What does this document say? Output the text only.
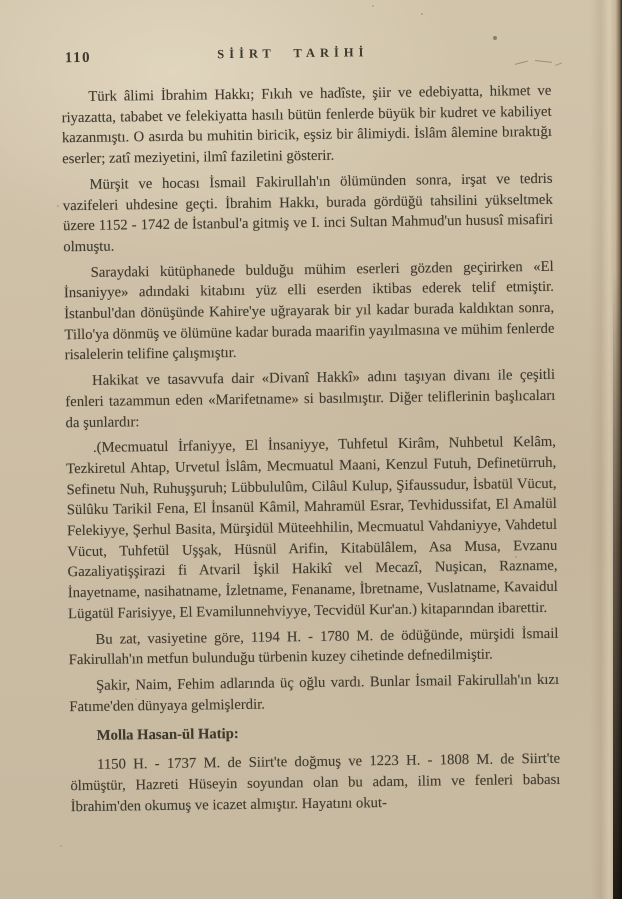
110	SİİRT TARİHİ

Türk âlimi İbrahim Hakkı; Fıkıh ve hadîste, şiir ve edebiyatta, hikmet ve riyazatta, tababet ve felekiyatta hasılı bütün fenlerde büyük bir kudret ve kabiliyet kazanmıştı. O asırda bu muhitin biricik, eşsiz bir âlimiydi. İslâm âlemine bıraktığı eserler; zatî meziyetini, ilmî faziletini gösterir.

Mürşit ve hocası İsmail Fakirullah'ın ölümünden sonra, irşat ve tedris vazifeleri uhdesine geçti. İbrahim Hakkı, burada gördüğü tahsilini yükseltmek üzere 1152 - 1742 de İstanbul'a gitmiş ve I. inci Sultan Mahmud'un hususî misafiri olmuştu.

Saraydaki kütüphanede bulduğu mühim eserleri gözden geçirirken «El İnsaniyye» adındaki kitabını yüz elli eserden iktibas ederek telif etmiştir. İstanbul'dan dönüşünde Kahire'ye uğrayarak bir yıl kadar burada kaldıktan sonra, Tillo'ya dönmüş ve ölümüne kadar burada maarifin yayılmasına ve mühim fenlerde risalelerin telifine çalışmıştır.

Hakikat ve tasavvufa dair «Divanî Hakkî» adını taşıyan divanı ile çeşitli fenleri tazammun eden «Marifetname» si basılmıştır. Diğer teliflerinin başlıcaları da şunlardır:

.(Mecmuatul İrfaniyye, El İnsaniyye, Tuhfetul Kirâm, Nuhbetul Kelâm, Tezkiretul Ahtap, Urvetul İslâm, Mecmuatul Maani, Kenzul Futuh, Definetürruh, Sefinetu Nuh, Ruhuşşuruh; Lübbululûm, Cilâul Kulup, Şifaussudur, İsbatül Vücut, Sülûku Tarikil Fena, El İnsanül Kâmil, Mahramül Esrar, Tevhidussifat, El Amalül Felekiyye, Şerhul Basita, Mürşidül Müteehhilin, Mecmuatul Vahdaniyye, Vahdetul Vücut, Tuhfetül Uşşak, Hüsnül Arifin, Kitabülâlem, Asa Musa, Evzanu Gazaliyatişşirazi fi Atvaril İşkil Hakikî vel Mecazî, Nuşican, Razname, İnayetname, nasihatname, İzletname, Fenaname, İbretname, Vuslatname, Kavaidul Lügatül Farisiyye, El Evamilunnehviyye, Tecvidül Kur'an.) kitaparından ibarettir.

Bu zat, vasiyetine göre, 1194 H. - 1780 M. de ödüğünde, mürşidi İsmail Fakirullah'ın metfun bulunduğu türbenin kuzey cihetinde defnedilmiştir.

Şakir, Naim, Fehim adlarında üç oğlu vardı. Bunlar İsmail Fakirullah'ın kızı Fatıme'den dünyaya gelmişlerdir.

Molla Hasan-ül Hatip:

1150 H. - 1737 M. de Siirt'te doğmuş ve 1223 H. - 1808 M. de Siirt'te ölmüştür, Hazreti Hüseyin soyundan olan bu adam, ilim ve fenleri babası İbrahim'den okumuş ve icazet almıştır. Hayatını okut-
